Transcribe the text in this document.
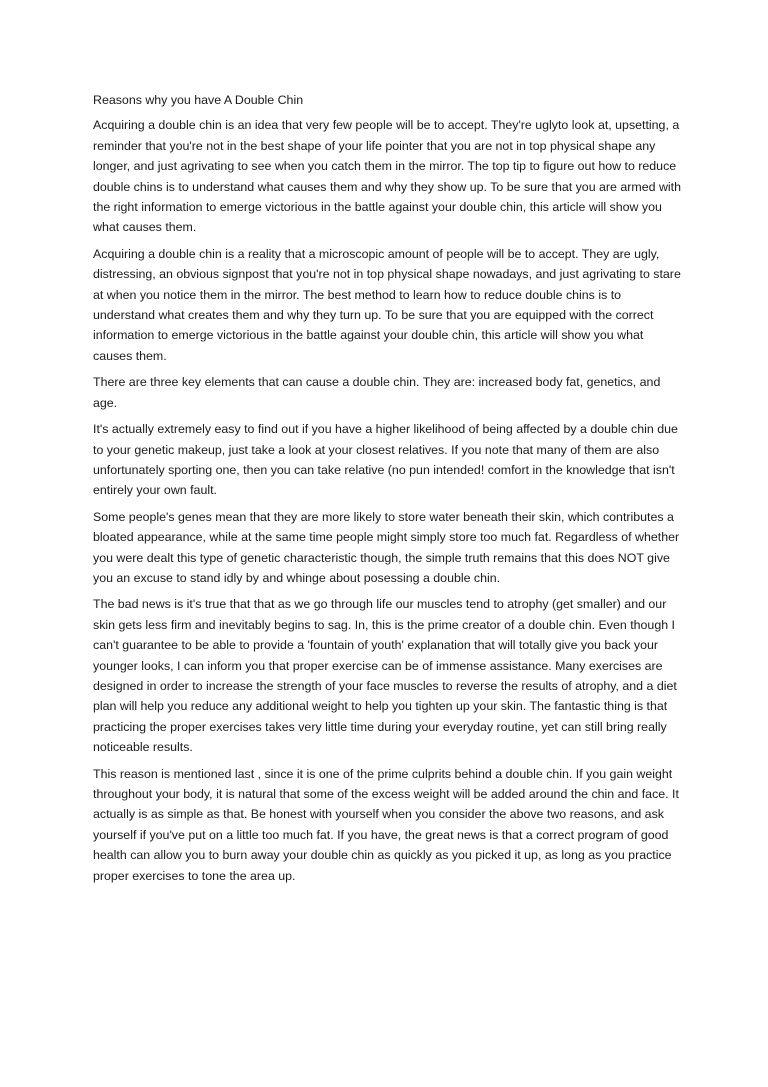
Reasons why you have A Double Chin

Acquiring a double chin is an idea that very few people will be to accept. They're uglyto look at, upsetting, a reminder that you're not in the best shape of your life pointer that you are not in top physical shape any longer, and just agrivating to see when you catch them in the mirror. The top tip to figure out how to reduce double chins is to understand what causes them and why they show up. To be sure that you are armed with the right information to emerge victorious in the battle against your double chin, this article will show you what causes them.

Acquiring a double chin is a reality that a microscopic amount of people will be to accept. They are ugly, distressing, an obvious signpost that you're not in top physical shape nowadays, and just agrivating to stare at when you notice them in the mirror. The best method to learn how to reduce double chins is to understand what creates them and why they turn up. To be sure that you are equipped with the correct information to emerge victorious in the battle against your double chin, this article will show you what causes them.

There are three key elements that can cause a double chin. They are: increased body fat, genetics, and age.

It's actually extremely easy to find out if you have a higher likelihood of being affected by a double chin due to your genetic makeup, just take a look at your closest relatives. If you note that many of them are also unfortunately sporting one, then you can take relative (no pun intended! comfort in the knowledge that isn't entirely your own fault.

Some people's genes mean that they are more likely to store water beneath their skin, which contributes a bloated appearance, while at the same time people might simply store too much fat. Regardless of whether you were dealt this type of genetic characteristic though, the simple truth remains that this does NOT give you an excuse to stand idly by and whinge about posessing a double chin.

The bad news is it's true that that as we go through life our muscles tend to atrophy (get smaller) and our skin gets less firm and inevitably begins to sag. In, this is the prime creator of a double chin. Even though I can't guarantee to be able to provide a 'fountain of youth' explanation that will totally give you back your younger looks, I can inform you that proper exercise can be of immense assistance. Many exercises are designed in order to increase the strength of your face muscles to reverse the results of atrophy, and a diet plan will help you reduce any additional weight to help you tighten up your skin. The fantastic thing is that practicing the proper exercises takes very little time during your everyday routine, yet can still bring really noticeable results.

This reason is mentioned last , since it is one of the prime culprits behind a double chin. If you gain weight throughout your body, it is natural that some of the excess weight will be added around the chin and face. It actually is as simple as that. Be honest with yourself when you consider the above two reasons, and ask yourself if you've put on a little too much fat. If you have, the great news is that a correct program of good health can allow you to burn away your double chin as quickly as you picked it up, as long as you practice proper exercises to tone the area up.
